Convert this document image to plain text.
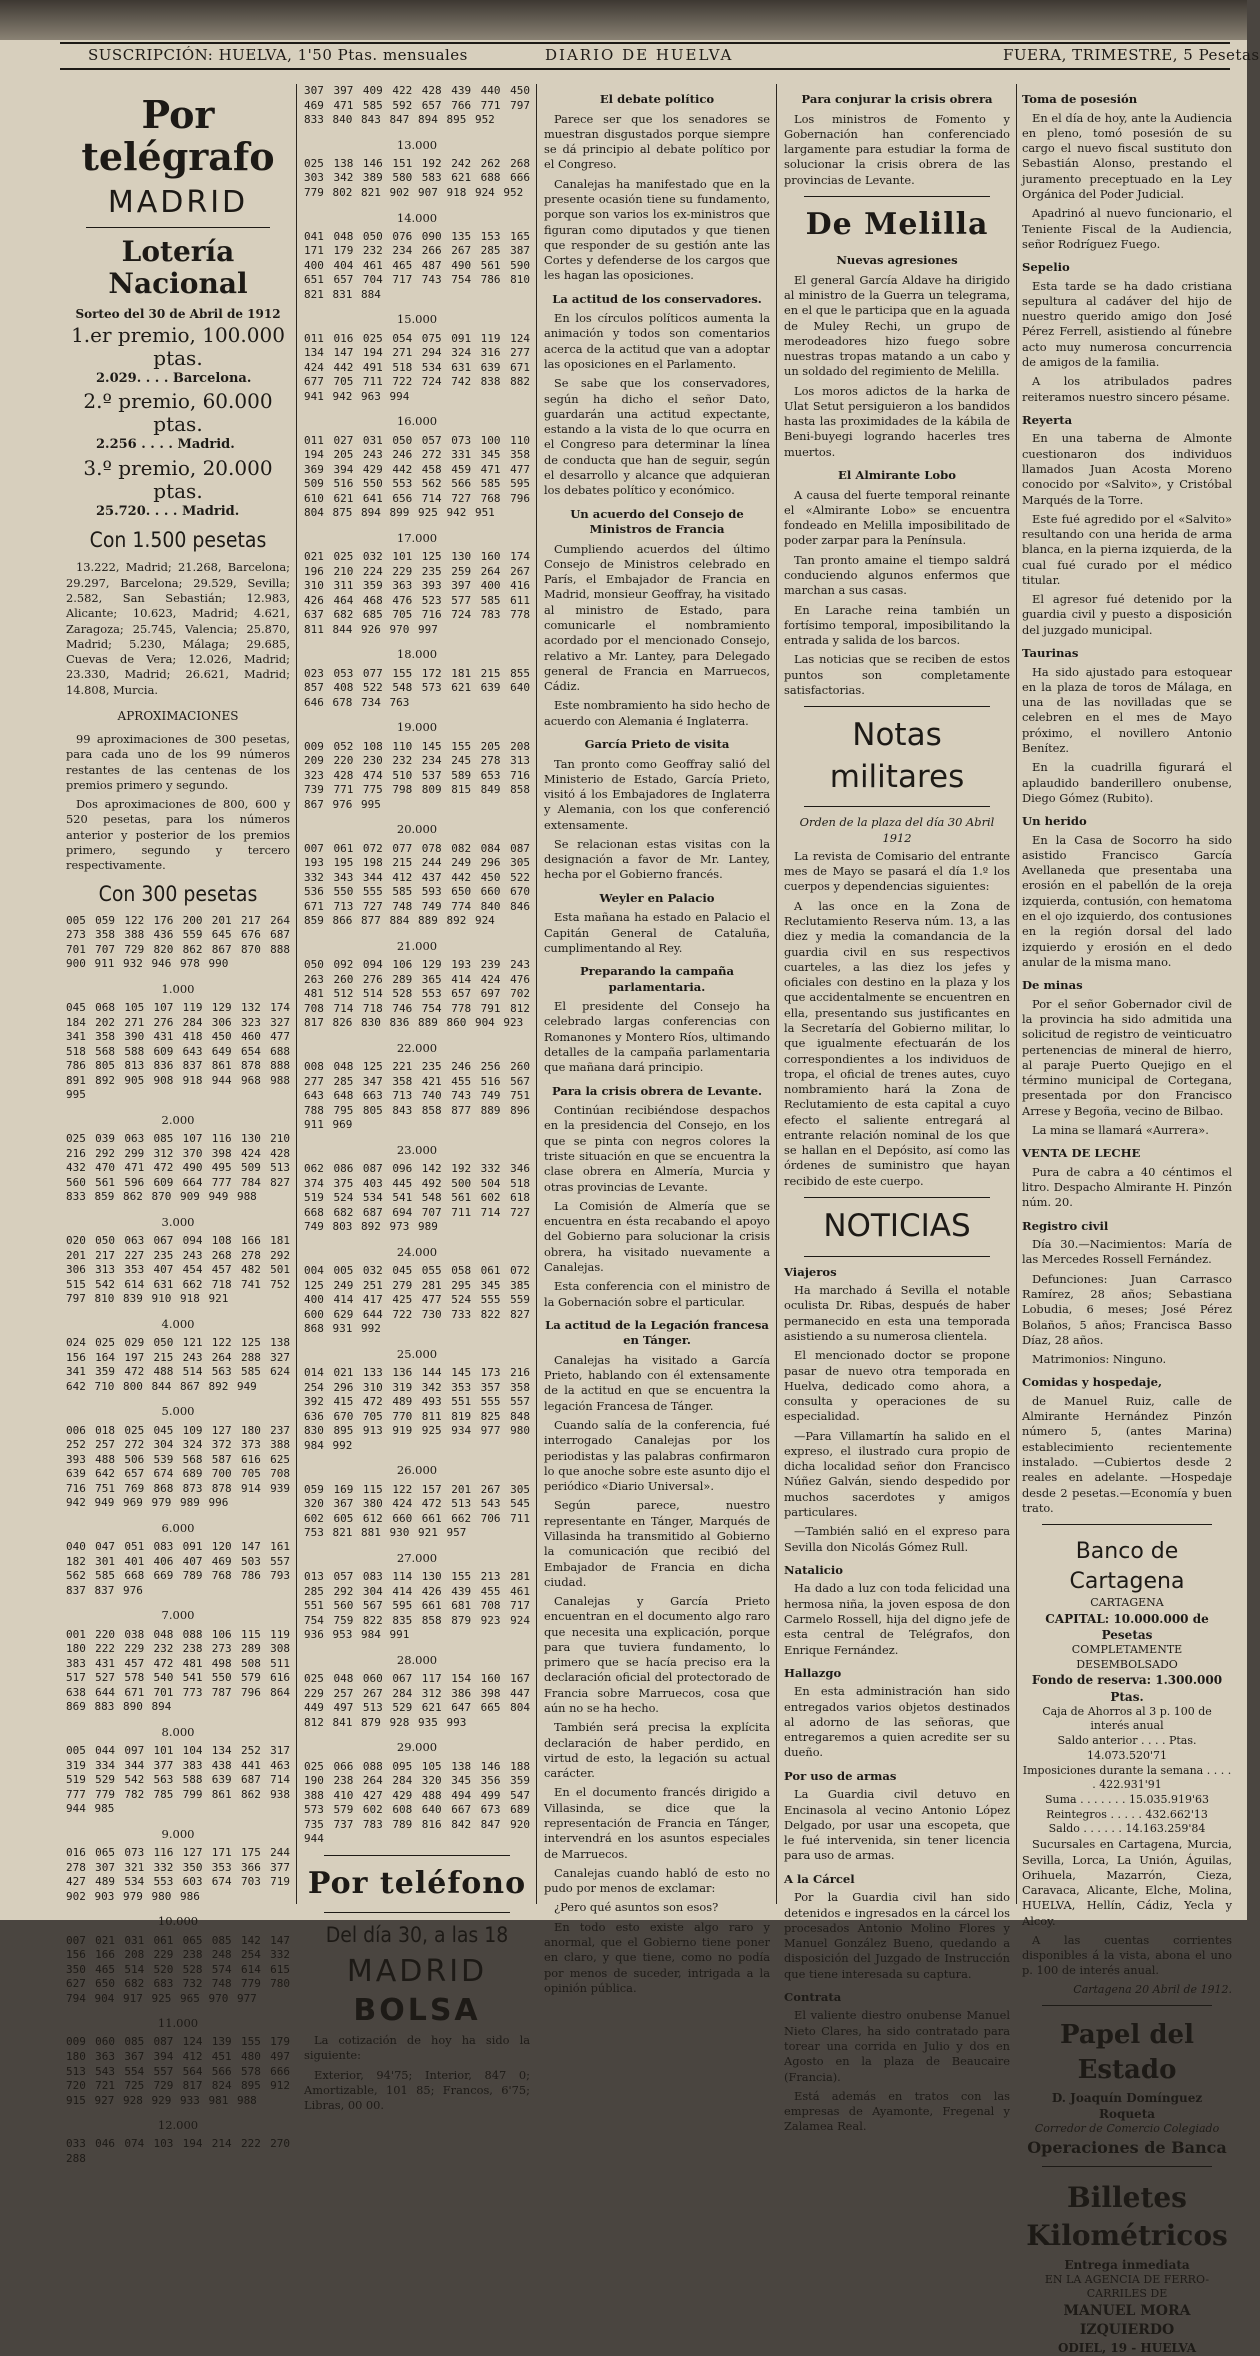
SUSCRIPCIÓN: HUELVA, 1'50 Ptas. mensuales	DIARIO DE HUELVA	FUERA, TRIMESTRE, 5 Pesetas
Por telégrafo
MADRID
Lotería Nacional
Sorteo del 30 de Abril de 1912
1.er premio, 100.000 ptas.
2.029. . . . Barcelona.
2.º premio, 60.000 ptas.
2.256 . . . . Madrid.
3.º premio, 20.000 ptas.
25.720. . . . Madrid.
Con 1.500 pesetas

13.222, Madrid; 21.268, Barcelona; 29.297, Barcelona; 29.529, Sevilla; 2.582, San Sebastián; 12.983, Alicante; 10.623, Madrid; 4.621, Zaragoza; 25.745, Valencia; 25.870, Madrid; 5.230, Málaga; 29.685, Cuevas de Vera; 12.026, Madrid; 23.330, Madrid; 26.621, Madrid; 14.808, Murcia.

APROXIMACIONES

99 aproximaciones de 300 pesetas, para cada uno de los 99 números restantes de las centenas de los premios primero y segundo.

Dos aproximaciones de 800, 600 y 520 pesetas, para los números anterior y posterior de los premios primero, segundo y tercero respectivamente.

Con 300 pesetas
005 059 122 176 200 201 217 264 273 358 388 436 559 645 676 687 701 707 729 820 862 867 870 888 900 911 932 946 978 990
1.000
045 068 105 107 119 129 132 174 184 202 271 276 284 306 323 327 341 358 390 431 418 450 460 477 518 568 588 609 643 649 654 688 786 805 813 836 837 861 878 888 891 892 905 908 918 944 968 988 995
2.000
025 039 063 085 107 116 130 210 216 292 299 312 370 398 424 428 432 470 471 472 490 495 509 513 560 561 596 609 664 777 784 827 833 859 862 870 909 949 988
3.000
020 050 063 067 094 108 166 181 201 217 227 235 243 268 278 292 306 313 353 407 454 457 482 501 515 542 614 631 662 718 741 752 797 810 839 910 918 921
4.000
024 025 029 050 121 122 125 138 156 164 197 215 243 264 288 327 341 359 472 488 514 563 585 624 642 710 800 844 867 892 949
5.000
006 018 025 045 109 127 180 237 252 257 272 304 324 372 373 388 393 488 506 539 568 587 616 625 639 642 657 674 689 700 705 708 716 751 769 868 873 878 914 939 942 949 969 979 989 996
6.000
040 047 051 083 091 120 147 161 182 301 401 406 407 469 503 557 562 585 668 669 789 768 786 793 837 837 976
7.000
001 220 038 048 088 106 115 119 180 222 229 232 238 273 289 308 383 431 457 472 481 498 508 511 517 527 578 540 541 550 579 616 638 644 671 701 773 787 796 864 869 883 890 894
8.000
005 044 097 101 104 134 252 317 319 334 344 377 383 438 441 463 519 529 542 563 588 639 687 714 777 779 782 785 799 861 862 938 944 985
9.000
016 065 073 116 127 171 175 244 278 307 321 332 350 353 366 377 427 489 534 553 603 674 703 719 902 903 979 980 986
10.000
007 021 031 061 065 085 142 147 156 166 208 229 238 248 254 332 350 465 514 520 528 574 614 615 627 650 682 683 732 748 779 780 794 904 917 925 965 970 977
11.000
009 060 085 087 124 139 155 179 180 363 367 394 412 451 480 497 513 543 554 557 564 566 578 666 720 721 725 729 817 824 895 912 915 927 928 929 933 981 988
12.000
033 046 074 103 194 214 222 270 288
307 397 409 422 428 439 440 450 469 471 585 592 657 766 771 797 833 840 843 847 894 895 952
13.000
025 138 146 151 192 242 262 268 303 342 389 580 583 621 688 666 779 802 821 902 907 918 924 952
14.000
041 048 050 076 090 135 153 165 171 179 232 234 266 267 285 387 400 404 461 465 487 490 561 590 651 657 704 717 743 754 786 810 821 831 884
15.000
011 016 025 054 075 091 119 124 134 147 194 271 294 324 316 277 424 442 491 518 534 631 639 671 677 705 711 722 724 742 838 882 941 942 963 994
16.000
011 027 031 050 057 073 100 110 194 205 243 246 272 331 345 358 369 394 429 442 458 459 471 477 509 516 550 553 562 566 585 595 610 621 641 656 714 727 768 796 804 875 894 899 925 942 951
17.000
021 025 032 101 125 130 160 174 196 210 224 229 235 259 264 267 310 311 359 363 393 397 400 416 426 464 468 476 523 577 585 611 637 682 685 705 716 724 783 778 811 844 926 970 997
18.000
023 053 077 155 172 181 215 855 857 408 522 548 573 621 639 640 646 678 734 763
19.000
009 052 108 110 145 155 205 208 209 220 230 232 234 245 278 313 323 428 474 510 537 589 653 716 739 771 775 798 809 815 849 858 867 976 995
20.000
007 061 072 077 078 082 084 087 193 195 198 215 244 249 296 305 332 343 344 412 437 442 450 522 536 550 555 585 593 650 660 670 671 713 727 748 749 774 840 846 859 866 877 884 889 892 924
21.000
050 092 094 106 129 193 239 243 263 260 276 289 365 414 424 476 481 512 514 528 553 657 697 702 708 714 718 746 754 778 791 812 817 826 830 836 889 860 904 923
22.000
008 048 125 221 235 246 256 260 277 285 347 358 421 455 516 567 643 648 663 713 740 743 749 751 788 795 805 843 858 877 889 896 911 969
23.000
062 086 087 096 142 192 332 346 374 375 403 445 492 500 504 518 519 524 534 541 548 561 602 618 668 682 687 694 707 711 714 727 749 803 892 973 989
24.000
004 005 032 045 055 058 061 072 125 249 251 279 281 295 345 385 400 414 417 425 477 524 555 559 600 629 644 722 730 733 822 827 868 931 992
25.000
014 021 133 136 144 145 173 216 254 296 310 319 342 353 357 358 392 415 472 489 493 551 555 557 636 670 705 770 811 819 825 848 830 895 913 919 925 934 977 980 984 992
26.000
059 169 115 122 157 201 267 305 320 367 380 424 472 513 543 545 602 605 612 660 661 662 706 711 753 821 881 930 921 957
27.000
013 057 083 114 130 155 213 281 285 292 304 414 426 439 455 461 551 560 567 595 661 681 708 717 754 759 822 835 858 879 923 924 936 953 984 991
28.000
025 048 060 067 117 154 160 167 229 257 267 284 312 386 398 447 449 497 513 529 621 647 665 804 812 841 879 928 935 993
29.000
025 066 088 095 105 138 146 188 190 238 264 284 320 345 356 359 388 410 427 429 488 494 499 547 573 579 602 608 640 667 673 689 735 737 783 789 816 842 847 920 944
Por teléfono
Del día 30, a las 18
MADRID
BOLSA

La cotización de hoy ha sido la siguiente:

Exterior, 94'75; Interior, 847 0; Amortizable, 101 85; Francos, 6'75; Libras, 00 00.

El debate político

Parece ser que los senadores se muestran disgustados porque siempre se dá principio al debate político por el Congreso.

Canalejas ha manifestado que en la presente ocasión tiene su fundamento, porque son varios los ex-ministros que figuran como diputados y que tienen que responder de su gestión ante las Cortes y defenderse de los cargos que les hagan las oposiciones.

La actitud de los conservadores.

En los círculos políticos aumenta la animación y todos son comentarios acerca de la actitud que van a adoptar las oposiciones en el Parlamento.

Se sabe que los conservadores, según ha dicho el señor Dato, guardarán una actitud expectante, estando a la vista de lo que ocurra en el Congreso para determinar la línea de conducta que han de seguir, según el desarrollo y alcance que adquieran los debates político y económico.

Un acuerdo del Consejo de Ministros de Francia

Cumpliendo acuerdos del último Consejo de Ministros celebrado en París, el Embajador de Francia en Madrid, monsieur Geoffray, ha visitado al ministro de Estado, para comunicarle el nombramiento acordado por el mencionado Consejo, relativo a Mr. Lantey, para Delegado general de Francia en Marruecos, Cádiz.

Este nombramiento ha sido hecho de acuerdo con Alemania é Inglaterra.

García Prieto de visita

Tan pronto como Geoffray salió del Ministerio de Estado, García Prieto, visitó á los Embajadores de Inglaterra y Alemania, con los que conferenció extensamente.

Se relacionan estas visitas con la designación a favor de Mr. Lantey, hecha por el Gobierno francés.

Weyler en Palacio

Esta mañana ha estado en Palacio el Capitán General de Cataluña, cumplimentando al Rey.

Preparando la campaña parlamentaria.

El presidente del Consejo ha celebrado largas conferencias con Romanones y Montero Ríos, ultimando detalles de la campaña parlamentaria que mañana dará principio.

Para la crisis obrera de Levante.

Continúan recibiéndose despachos en la presidencia del Consejo, en los que se pinta con negros colores la triste situación en que se encuentra la clase obrera en Almería, Murcia y otras provincias de Levante.

La Comisión de Almería que se encuentra en ésta recabando el apoyo del Gobierno para solucionar la crisis obrera, ha visitado nuevamente a Canalejas.

Esta conferencia con el ministro de la Gobernación sobre el particular.

La actitud de la Legación francesa en Tánger.

Canalejas ha visitado a García Prieto, hablando con él extensamente de la actitud en que se encuentra la legación Francesa de Tánger.

Cuando salía de la conferencia, fué interrogado Canalejas por los periodistas y las palabras confirmaron lo que anoche sobre este asunto dijo el periódico «Diario Universal».

Según parece, nuestro representante en Tánger, Marqués de Villasinda ha transmitido al Gobierno la comunicación que recibió del Embajador de Francia en dicha ciudad.

Canalejas y García Prieto encuentran en el documento algo raro que necesita una explicación, porque para que tuviera fundamento, lo primero que se hacía preciso era la declaración oficial del protectorado de Francia sobre Marruecos, cosa que aún no se ha hecho.

También será precisa la explícita declaración de haber perdido, en virtud de esto, la legación su actual carácter.

En el documento francés dirigido a Villasinda, se dice que la representación de Francia en Tánger, intervendrá en los asuntos especiales de Marruecos.

Canalejas cuando habló de esto no pudo por menos de exclamar:

¿Pero qué asuntos son esos?

En todo esto existe algo raro y anormal, que el Gobierno tiene poner en claro, y que tiene, como no podía por menos de suceder, intrigada a la opinión pública.

Para conjurar la crisis obrera

Los ministros de Fomento y Gobernación han conferenciado largamente para estudiar la forma de solucionar la crisis obrera de las provincias de Levante.

De Melilla
Nuevas agresiones

El general García Aldave ha dirigido al ministro de la Guerra un telegrama, en el que le participa que en la aguada de Muley Rechi, un grupo de merodeadores hizo fuego sobre nuestras tropas matando a un cabo y un soldado del regimiento de Melilla.

Los moros adictos de la harka de Ulat Setut persiguieron a los bandidos hasta las proximidades de la kábila de Beni-buyegi logrando hacerles tres muertos.

El Almirante Lobo

A causa del fuerte temporal reinante el «Almirante Lobo» se encuentra fondeado en Melilla imposibilitado de poder zarpar para la Península.

Tan pronto amaine el tiempo saldrá conduciendo algunos enfermos que marchan a sus casas.

En Larache reina también un fortísimo temporal, imposibilitando la entrada y salida de los barcos.

Las noticias que se reciben de estos puntos son completamente satisfactorias.

Notas militares
Orden de la plaza del día 30 Abril 1912

La revista de Comisario del entrante mes de Mayo se pasará el día 1.º los cuerpos y dependencias siguientes:

A las once en la Zona de Reclutamiento Reserva núm. 13, a las diez y media la comandancia de la guardia civil en sus respectivos cuarteles, a las diez los jefes y oficiales con destino en la plaza y los que accidentalmente se encuentren en ella, presentando sus justificantes en la Secretaría del Gobierno militar, lo que igualmente efectuarán de los correspondientes a los individuos de tropa, el oficial de trenes autes, cuyo nombramiento hará la Zona de Reclutamiento de esta capital a cuyo efecto el saliente entregará al entrante relación nominal de los que se hallan en el Depósito, así como las órdenes de suministro que hayan recibido de este cuerpo.

NOTICIAS
Viajeros

Ha marchado á Sevilla el notable oculista Dr. Ribas, después de haber permanecido en esta una temporada asistiendo a su numerosa clientela.

El mencionado doctor se propone pasar de nuevo otra temporada en Huelva, dedicado como ahora, a consulta y operaciones de su especialidad.

—Para Villamartín ha salido en el expreso, el ilustrado cura propio de dicha localidad señor don Francisco Núñez Galván, siendo despedido por muchos sacerdotes y amigos particulares.

—También salió en el expreso para Sevilla don Nicolás Gómez Rull.

Natalicio

Ha dado a luz con toda felicidad una hermosa niña, la joven esposa de don Carmelo Rossell, hija del digno jefe de esta central de Telégrafos, don Enrique Fernández.

Hallazgo

En esta administración han sido entregados varios objetos destinados al adorno de las señoras, que entregaremos a quien acredite ser su dueño.

Por uso de armas

La Guardia civil detuvo en Encinasola al vecino Antonio López Delgado, por usar una escopeta, que le fué intervenida, sin tener licencia para uso de armas.

A la Cárcel

Por la Guardia civil han sido detenidos e ingresados en la cárcel los procesados Antonio Molino Flores y Manuel González Bueno, quedando a disposición del Juzgado de Instrucción que tiene interesada su captura.

Contrata

El valiente diestro onubense Manuel Nieto Clares, ha sido contratado para torear una corrida en Julio y dos en Agosto en la plaza de Beaucaire (Francia).

Está además en tratos con las empresas de Ayamonte, Fregenal y Zalamea Real.

Toma de posesión

En el día de hoy, ante la Audiencia en pleno, tomó posesión de su cargo el nuevo fiscal sustituto don Sebastián Alonso, prestando el juramento preceptuado en la Ley Orgánica del Poder Judicial.

Apadrinó al nuevo funcionario, el Teniente Fiscal de la Audiencia, señor Rodríguez Fuego.

Sepelio

Esta tarde se ha dado cristiana sepultura al cadáver del hijo de nuestro querido amigo don José Pérez Ferrell, asistiendo al fúnebre acto muy numerosa concurrencia de amigos de la familia.

A los atribulados padres reiteramos nuestro sincero pésame.

Reyerta

En una taberna de Almonte cuestionaron dos individuos llamados Juan Acosta Moreno conocido por «Salvito», y Cristóbal Marqués de la Torre.

Este fué agredido por el «Salvito» resultando con una herida de arma blanca, en la pierna izquierda, de la cual fué curado por el médico titular.

El agresor fué detenido por la guardia civil y puesto a disposición del juzgado municipal.

Taurinas

Ha sido ajustado para estoquear en la plaza de toros de Málaga, en una de las novilladas que se celebren en el mes de Mayo próximo, el novillero Antonio Benítez.

En la cuadrilla figurará el aplaudido banderillero onubense, Diego Gómez (Rubito).

Un herido

En la Casa de Socorro ha sido asistido Francisco García Avellaneda que presentaba una erosión en el pabellón de la oreja izquierda, contusión, con hematoma en el ojo izquierdo, dos contusiones en la región dorsal del lado izquierdo y erosión en el dedo anular de la misma mano.

De minas

Por el señor Gobernador civil de la provincia ha sido admitida una solicitud de registro de veinticuatro pertenencias de mineral de hierro, al paraje Puerto Quejigo en el término municipal de Cortegana, presentada por don Francisco Arrese y Begoña, vecino de Bilbao.

La mina se llamará «Aurrera».

VENTA DE LECHE

Pura de cabra a 40 céntimos el litro. Despacho Almirante H. Pinzón núm. 20.

Registro civil

Día 30.—Nacimientos: María de las Mercedes Rossell Fernández.

Defunciones: Juan Carrasco Ramírez, 28 años; Sebastiana Lobudia, 6 meses; José Pérez Bolaños, 5 años; Francisca Basso Díaz, 28 años.

Matrimonios: Ninguno.

Comidas y hospedaje,

de Manuel Ruiz, calle de Almirante Hernández Pinzón número 5, (antes Marina) establecimiento recientemente instalado. —Cubiertos desde 2 reales en adelante. —Hospedaje desde 2 pesetas.—Economía y buen trato.

Banco de Cartagena
CARTAGENA
CAPITAL: 10.000.000 de Pesetas
COMPLETAMENTE DESEMBOLSADO
Fondo de reserva: 1.300.000 Ptas.
Caja de Ahorros al 3 p. 100 de interés anual
Saldo anterior . . . . Ptas. 14.073.520'71
Imposiciones durante la semana . . . . . 422.931'91
Suma . . . . . . . 15.035.919'63
Reintegros . . . . . 432.662'13
Saldo . . . . . . 14.163.259'84

Sucursales en Cartagena, Murcia, Sevilla, Lorca, La Unión, Águilas, Orihuela, Mazarrón, Cieza, Caravaca, Alicante, Elche, Molina, HUELVA, Hellín, Cádiz, Yecla y Alcoy.

A las cuentas corrientes disponibles á la vista, abona el uno p. 100 de interés anual.

Cartagena 20 Abril de 1912.
Papel del Estado
D. Joaquín Domínguez Roqueta
Corredor de Comercio Colegiado
Operaciones de Banca
Billetes Kilométricos
Entrega inmediata
EN LA AGENCIA DE FERRO-CARRILES DE
MANUEL MORA IZQUIERDO
ODIEL, 19 - HUELVA
